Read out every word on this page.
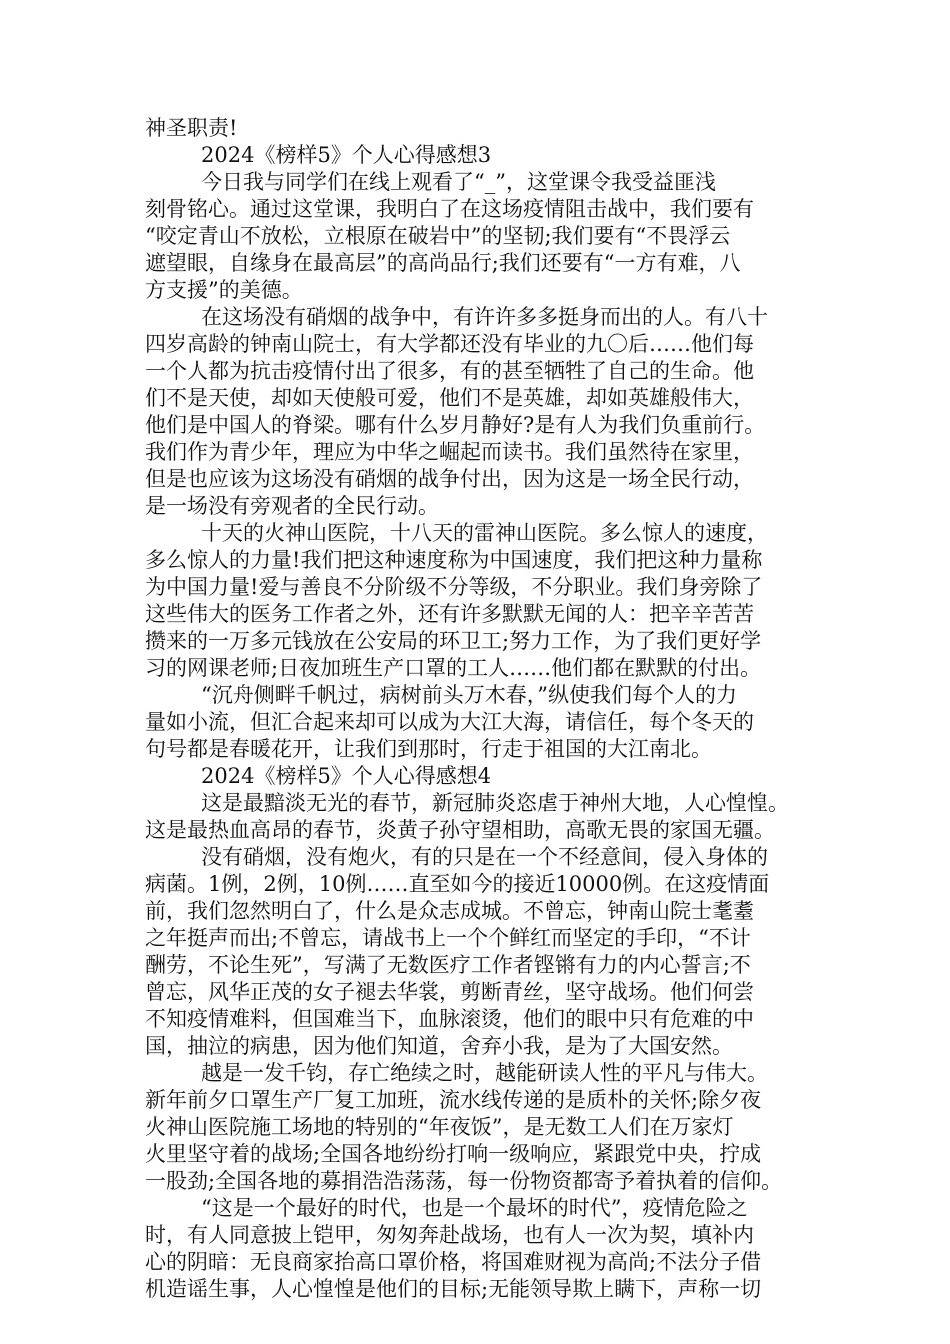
神圣职责!
2024《榜样5》个人心得感想3
今日我与同学们在线上观看了“_”，这堂课令我受益匪浅
刻骨铭心。通过这堂课，我明白了在这场疫情阻击战中，我们要有
“咬定青山不放松，立根原在破岩中”的坚韧;我们要有“不畏浮云
遮望眼，自缘身在最高层”的高尚品行;我们还要有“一方有难，八
方支援”的美德。
在这场没有硝烟的战争中，有许许多多挺身而出的人。有八十
四岁高龄的钟南山院士，有大学都还没有毕业的九〇后……他们每
一个人都为抗击疫情付出了很多，有的甚至牺牲了自己的生命。他
们不是天使，却如天使般可爱，他们不是英雄，却如英雄般伟大，
他们是中国人的脊梁。哪有什么岁月静好?是有人为我们负重前行。
我们作为青少年，理应为中华之崛起而读书。我们虽然待在家里，
但是也应该为这场没有硝烟的战争付出，因为这是一场全民行动，
是一场没有旁观者的全民行动。
十天的火神山医院，十八天的雷神山医院。多么惊人的速度，
多么惊人的力量!我们把这种速度称为中国速度，我们把这种力量称
为中国力量!爱与善良不分阶级不分等级，不分职业。我们身旁除了
这些伟大的医务工作者之外，还有许多默默无闻的人：把辛辛苦苦
攒来的一万多元钱放在公安局的环卫工;努力工作，为了我们更好学
习的网课老师;日夜加班生产口罩的工人……他们都在默默的付出。
“沉舟侧畔千帆过，病树前头万木春，”纵使我们每个人的力
量如小流，但汇合起来却可以成为大江大海，请信任，每个冬天的
句号都是春暖花开，让我们到那时，行走于祖国的大江南北。
2024《榜样5》个人心得感想4
这是最黯淡无光的春节，新冠肺炎恣虐于神州大地，人心惶惶。
这是最热血高昂的春节，炎黄子孙守望相助，高歌无畏的家国无疆。
没有硝烟，没有炮火，有的只是在一个不经意间，侵入身体的
病菌。1例，2例，10例……直至如今的接近10000例。在这疫情面
前，我们忽然明白了，什么是众志成城。不曾忘，钟南山院士耄耋
之年挺声而出;不曾忘，请战书上一个个鲜红而坚定的手印，“不计
酬劳，不论生死”，写满了无数医疗工作者铿锵有力的内心誓言;不
曾忘，风华正茂的女子褪去华裳，剪断青丝，坚守战场。他们何尝
不知疫情难料，但国难当下，血脉滚烫，他们的眼中只有危难的中
国，抽泣的病患，因为他们知道，舍弃小我，是为了大国安然。
越是一发千钧，存亡绝续之时，越能研读人性的平凡与伟大。
新年前夕口罩生产厂复工加班，流水线传递的是质朴的关怀;除夕夜
火神山医院施工场地的特别的“年夜饭”，是无数工人们在万家灯
火里坚守着的战场;全国各地纷纷打响一级响应，紧跟党中央，拧成
一股劲;全国各地的募捐浩浩荡荡，每一份物资都寄予着执着的信仰。
“这是一个最好的时代，也是一个最坏的时代”，疫情危险之
时，有人同意披上铠甲，匆匆奔赴战场，也有人一次为契，填补内
心的阴暗：无良商家抬高口罩价格，将国难财视为高尚;不法分子借
机造谣生事，人心惶惶是他们的目标;无能领导欺上瞒下，声称一切
